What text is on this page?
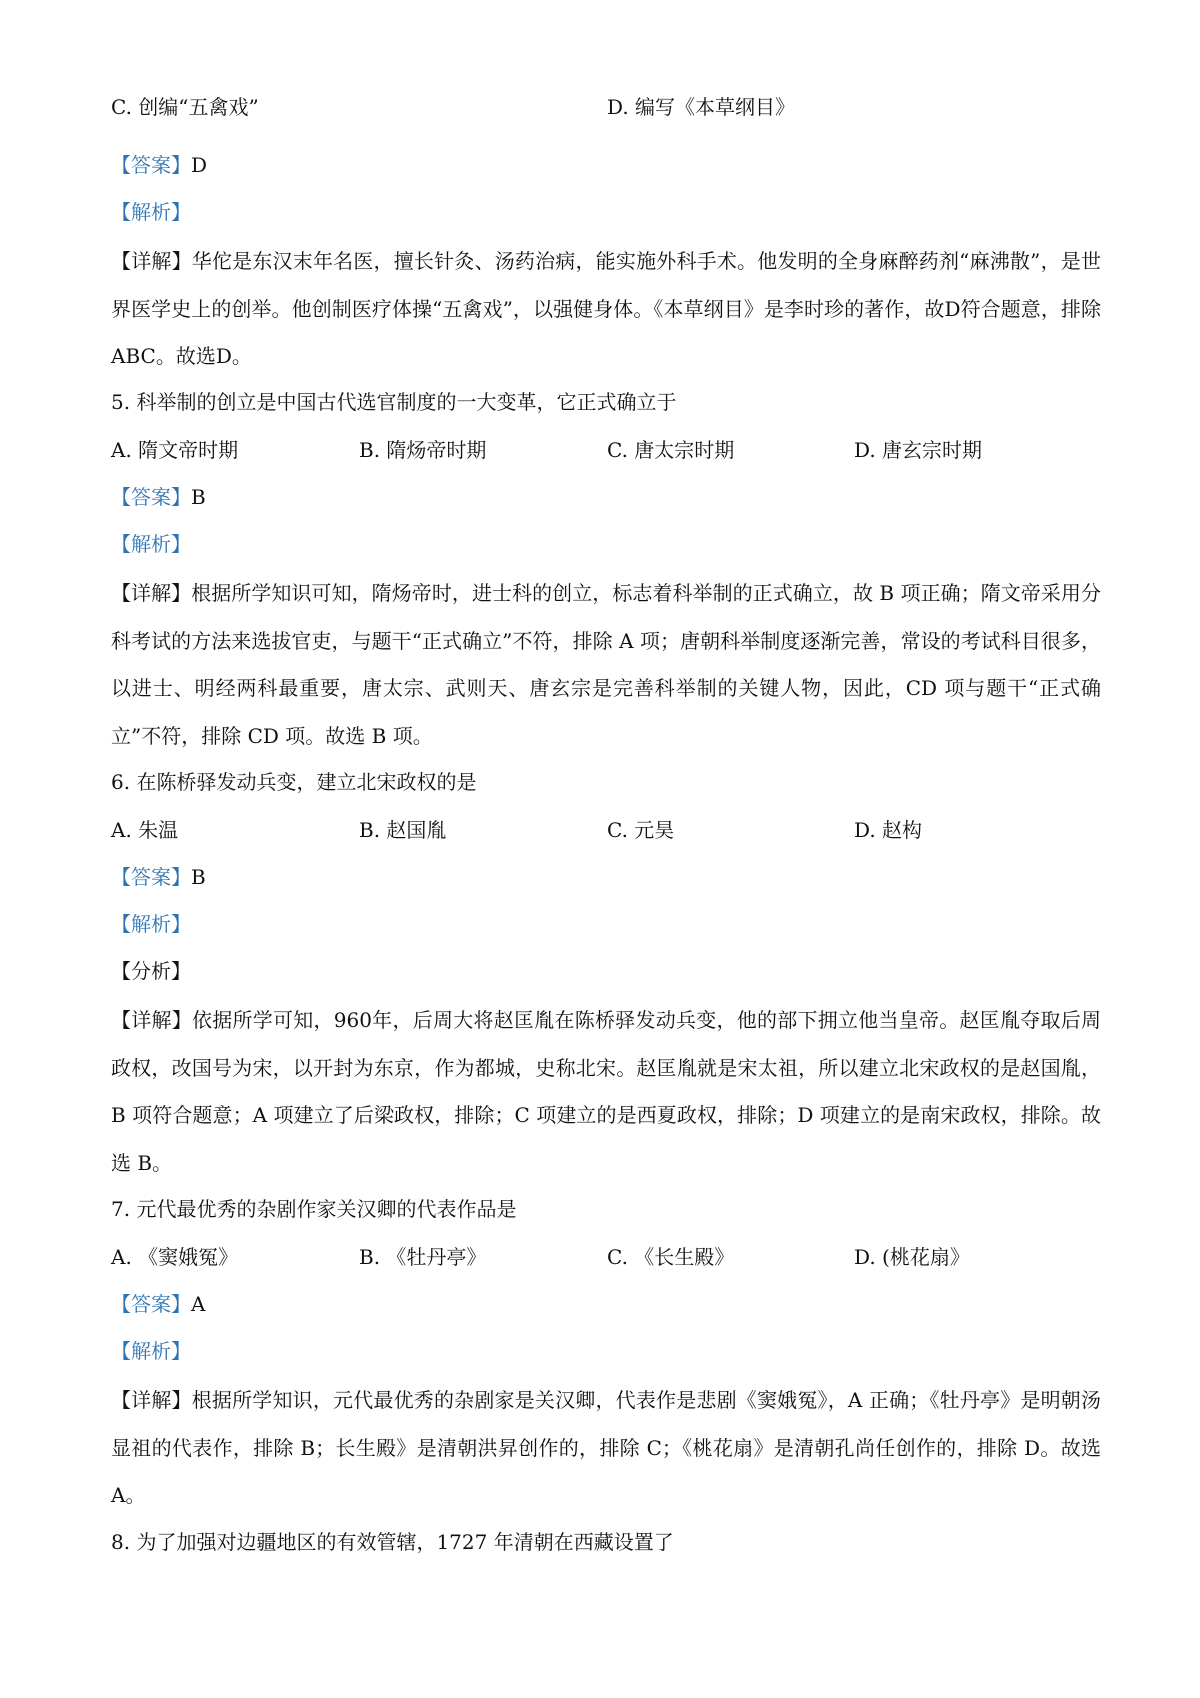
C. 创编“五禽戏”	D. 编写《本草纲目》
【答案】D
【解析】
【详解】华佗是东汉末年名医，擅长针灸、汤药治病，能实施外科手术。他发明的全身麻醉药剂“麻沸散”，是世界医学史上的创举。他创制医疗体操“五禽戏”，以强健身体。《本草纲目》是李时珍的著作，故D符合题意，排除ABC。故选D。
5. 科举制的创立是中国古代选官制度的一大变革，它正式确立于
A. 隋文帝时期	B. 隋炀帝时期	C. 唐太宗时期	D. 唐玄宗时期
【答案】B
【解析】
【详解】根据所学知识可知，隋炀帝时，进士科的创立，标志着科举制的正式确立，故 B 项正确；隋文帝采用分科考试的方法来选拔官吏，与题干“正式确立”不符，排除 A 项；唐朝科举制度逐渐完善，常设的考试科目很多，以进士、明经两科最重要，唐太宗、武则天、唐玄宗是完善科举制的关键人物，因此，CD 项与题干“正式确立”不符，排除 CD 项。故选 B 项。
6. 在陈桥驿发动兵变，建立北宋政权的是
A. 朱温	B. 赵国胤	C. 元昊	D. 赵构
【答案】B
【解析】
【分析】
【详解】依据所学可知，960年，后周大将赵匡胤在陈桥驿发动兵变，他的部下拥立他当皇帝。赵匡胤夺取后周政权，改国号为宋，以开封为东京，作为都城，史称北宋。赵匡胤就是宋太祖，所以建立北宋政权的是赵国胤，B 项符合题意；A 项建立了后梁政权，排除；C 项建立的是西夏政权，排除；D 项建立的是南宋政权，排除。故选 B。
7. 元代最优秀的杂剧作家关汉卿的代表作品是
A. 《窦娥冤》	B. 《牡丹亭》	C. 《长生殿》	D. (桃花扇》
【答案】A
【解析】
【详解】根据所学知识，元代最优秀的杂剧家是关汉卿，代表作是悲剧《窦娥冤》，A 正确；《牡丹亭》是明朝汤显祖的代表作，排除 B；长生殿》是清朝洪昇创作的，排除 C；《桃花扇》是清朝孔尚任创作的，排除 D。故选 A。
8. 为了加强对边疆地区的有效管辖，1727 年清朝在西藏设置了
